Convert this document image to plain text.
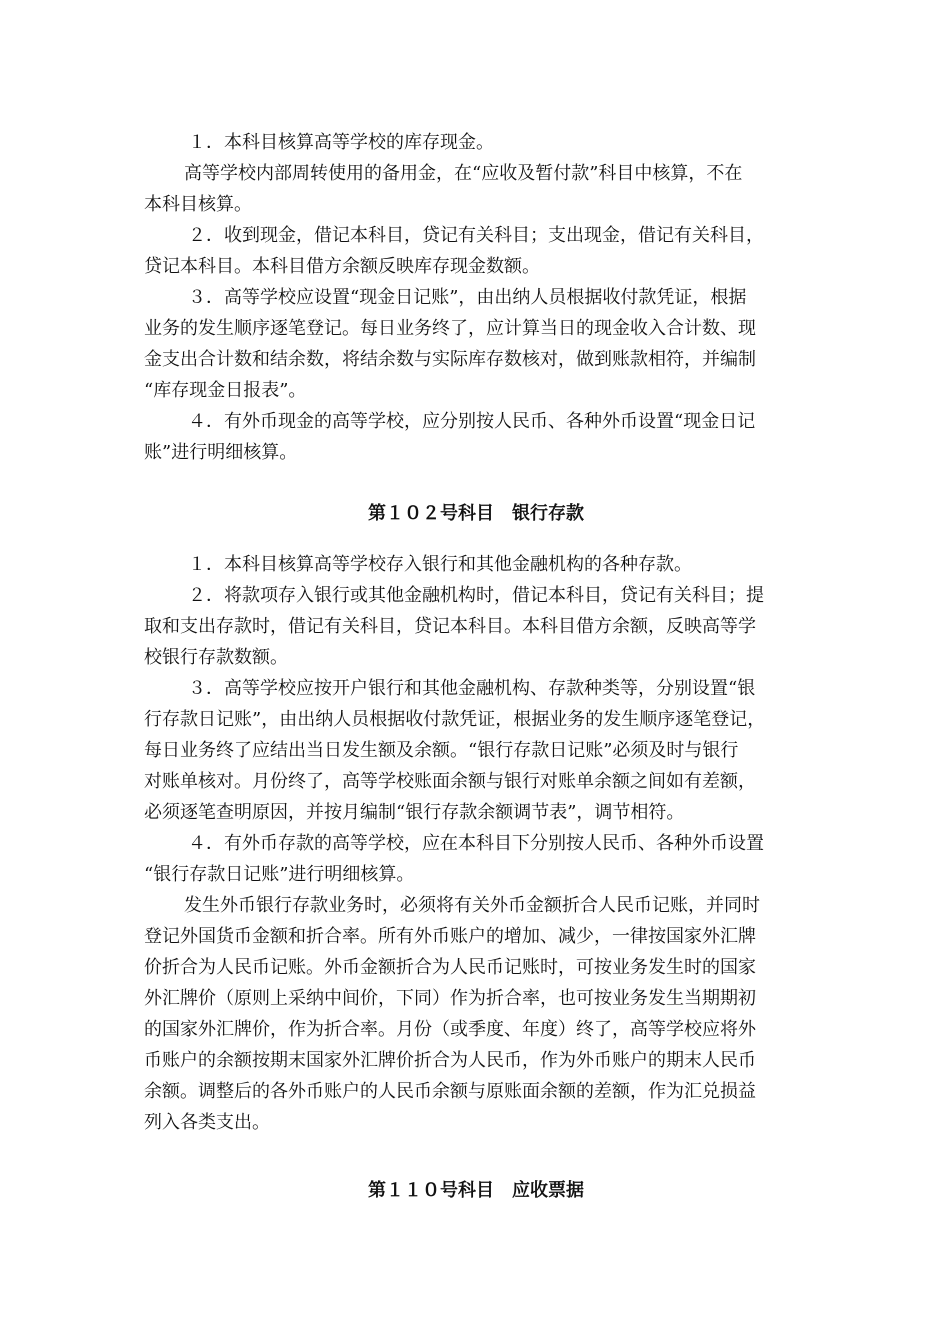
１．本科目核算高等学校的库存现金。
高等学校内部周转使用的备用金，在“应收及暂付款”科目中核算，不在
本科目核算。
２．收到现金，借记本科目，贷记有关科目；支出现金，借记有关科目，
贷记本科目。本科目借方余额反映库存现金数额。
３．高等学校应设置“现金日记账”，由出纳人员根据收付款凭证，根据
业务的发生顺序逐笔登记。每日业务终了，应计算当日的现金收入合计数、现
金支出合计数和结余数，将结余数与实际库存数核对，做到账款相符，并编制
“库存现金日报表”。
４．有外币现金的高等学校，应分别按人民币、各种外币设置“现金日记
账”进行明细核算。
第１０２号科目　银行存款
１．本科目核算高等学校存入银行和其他金融机构的各种存款。
２．将款项存入银行或其他金融机构时，借记本科目，贷记有关科目；提
取和支出存款时，借记有关科目，贷记本科目。本科目借方余额，反映高等学
校银行存款数额。
３．高等学校应按开户银行和其他金融机构、存款种类等，分别设置“银
行存款日记账”，由出纳人员根据收付款凭证，根据业务的发生顺序逐笔登记，
每日业务终了应结出当日发生额及余额。“银行存款日记账”必须及时与银行
对账单核对。月份终了，高等学校账面余额与银行对账单余额之间如有差额，
必须逐笔查明原因，并按月编制“银行存款余额调节表”，调节相符。
４．有外币存款的高等学校，应在本科目下分别按人民币、各种外币设置
“银行存款日记账”进行明细核算。
发生外币银行存款业务时，必须将有关外币金额折合人民币记账，并同时
登记外国货币金额和折合率。所有外币账户的增加、减少，一律按国家外汇牌
价折合为人民币记账。外币金额折合为人民币记账时，可按业务发生时的国家
外汇牌价（原则上采纳中间价，下同）作为折合率，也可按业务发生当期期初
的国家外汇牌价，作为折合率。月份（或季度、年度）终了，高等学校应将外
币账户的余额按期末国家外汇牌价折合为人民币，作为外币账户的期末人民币
余额。调整后的各外币账户的人民币余额与原账面余额的差额，作为汇兑损益
列入各类支出。
第１１０号科目　应收票据
